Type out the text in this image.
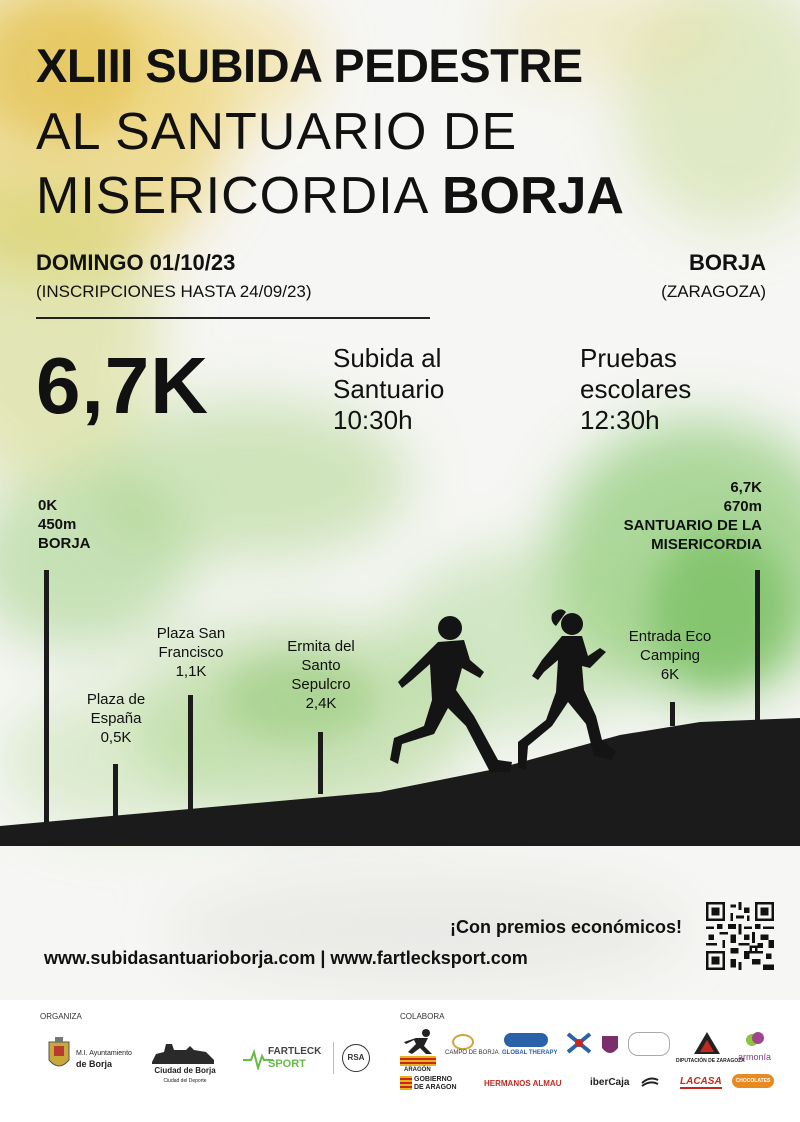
XLIII SUBIDA PEDESTRE
AL SANTUARIO DE
MISERICORDIA BORJA
DOMINGO 01/10/23
(INSCRIPCIONES HASTA 24/09/23)
BORJA
(ZARAGOZA)
6,7K	Subida al
Santuario
10:30h
Pruebas
escolares
12:30h
0K
450m
BORJA
6,7K
670m
SANTUARIO DE LA
MISERICORDIA
Plaza de
España
0,5K
Plaza San
Francisco
1,1K
Ermita del
Santo
Sepulcro
2,4K
Entrada Eco
Camping
6K
¡Con premios económicos!
www.subidasantuarioborja.com | www.fartlecksport.com
ORGANIZA	COLABORA
M.I. Ayuntamiento
de Borja
Ciudad de Borja
Ciudad del Deporte
FARTLECK
SPORT
RSA
ARAGÓN
CAMPO DE BORJA GLOBAL THERAPY
DIPUTACIÓN DE ZARAGOZA
armonía
GOBIERNO
DE ARAGON	HERMANOS ALMAU	iberCaja	LACASA	CHOCOLATES
